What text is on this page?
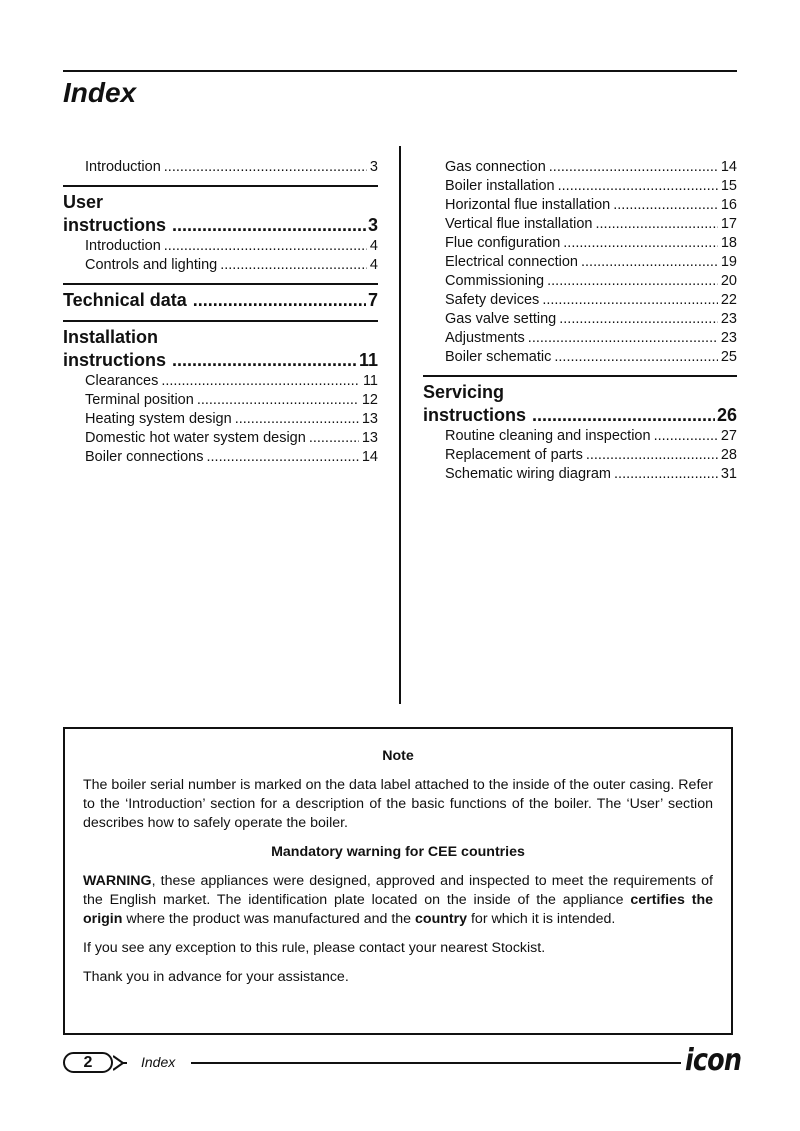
Index
Introduction .....	3
User
instructions .....	3
Introduction .....	4
Controls and lighting .....	4
Technical data .....	7
Installation
instructions .....	11
Clearances .....	11
Terminal position .....	12
Heating system design .....	13
Domestic hot water system design .....	13
Boiler connections .....	14
Gas connection .....	14
Boiler installation .....	15
Horizontal flue installation .....	16
Vertical flue installation .....	17
Flue configuration .....	18
Electrical connection .....	19
Commissioning .....	20
Safety devices .....	22
Gas valve setting .....	23
Adjustments .....	23
Boiler schematic .....	25
Servicing
instructions .....	26
Routine cleaning and inspection .....	27
Replacement of parts .....	28
Schematic wiring diagram .....	31

Note

The boiler serial number is marked on the data label attached to the inside of the outer casing. Refer to the ‘Introduction’ section for a description of the basic functions of the boiler. The ‘User’ section describes how to safely operate the boiler.

Mandatory warning for CEE countries

WARNING, these appliances were designed, approved and inspected to meet the requirements of the English market. The identification plate located on the inside of the appliance certifies the origin where the product was manufactured and the country for which it is intended.

If you see any exception to this rule, please contact your nearest Stockist.

Thank you in advance for your assistance.

2	Index	icon
